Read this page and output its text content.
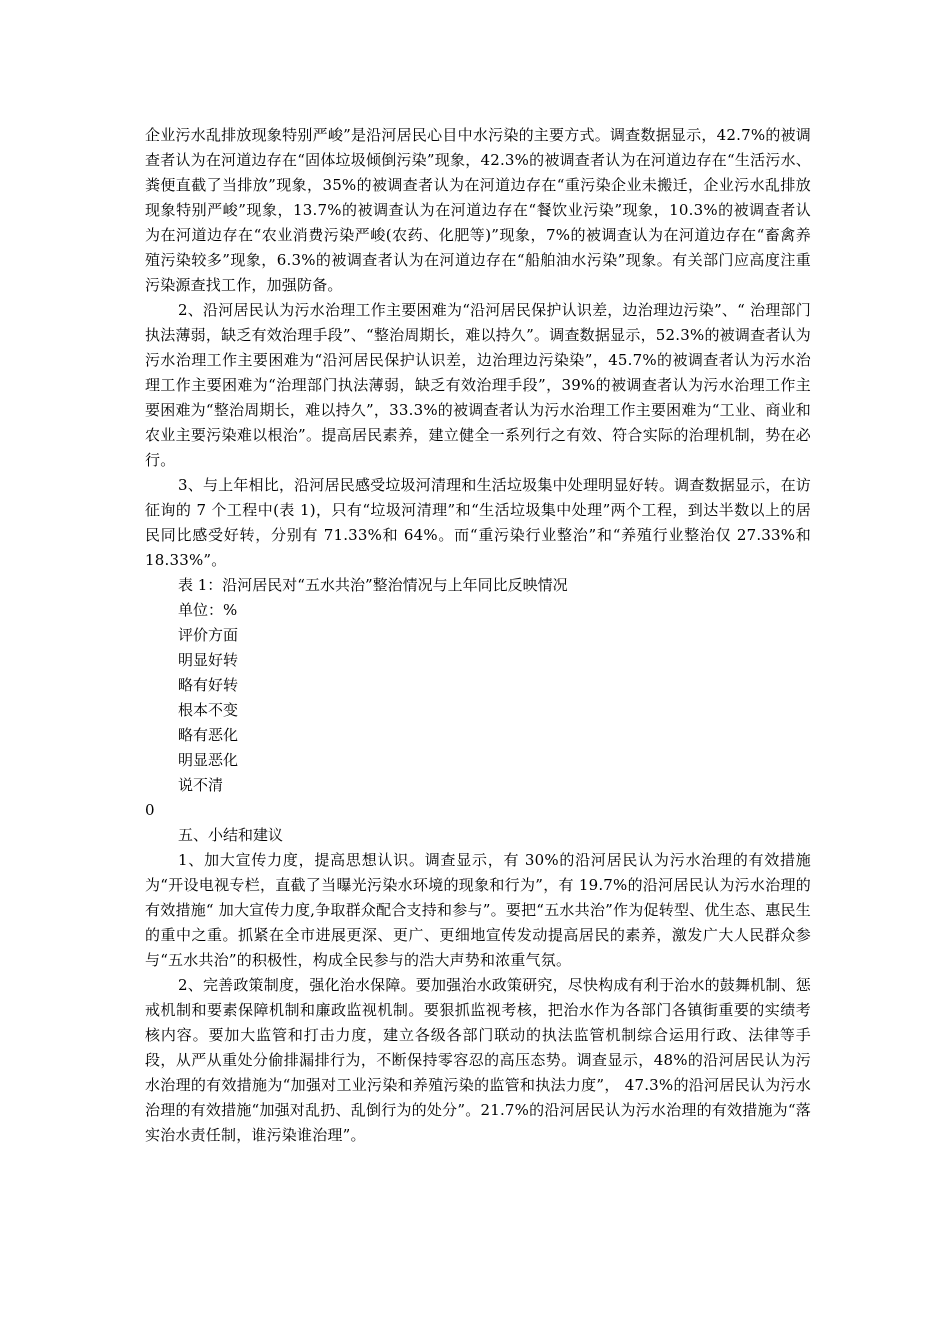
企业污水乱排放现象特别严峻”是沿河居民心目中水污染的主要方式。调查数据显示，42.7%的被调查者认为在河道边存在“固体垃圾倾倒污染”现象，42.3%的被调查者认为在河道边存在“生活污水、粪便直截了当排放”现象，35%的被调查者认为在河道边存在“重污染企业未搬迁，企业污水乱排放现象特别严峻”现象，13.7%的被调查认为在河道边存在“餐饮业污染”现象，10.3%的被调查者认为在河道边存在“农业消费污染严峻(农药、化肥等)”现象，7%的被调查认为在河道边存在“畜禽养殖污染较多”现象，6.3%的被调查者认为在河道边存在“船舶油水污染”现象。有关部门应高度注重污染源查找工作，加强防备。

2、沿河居民认为污水治理工作主要困难为“沿河居民保护认识差，边治理边污染”、“ 治理部门执法薄弱，缺乏有效治理手段”、“整治周期长，难以持久”。调查数据显示，52.3%的被调查者认为污水治理工作主要困难为“沿河居民保护认识差，边治理边污染染”，45.7%的被调查者认为污水治理工作主要困难为“治理部门执法薄弱，缺乏有效治理手段”，39%的被调查者认为污水治理工作主要困难为“整治周期长，难以持久”，33.3%的被调查者认为污水治理工作主要困难为“工业、商业和农业主要污染难以根治”。提高居民素养，建立健全一系列行之有效、符合实际的治理机制，势在必行。

3、与上年相比，沿河居民感受垃圾河清理和生活垃圾集中处理明显好转。调查数据显示，在访征询的 7 个工程中(表 1)，只有“垃圾河清理”和“生活垃圾集中处理”两个工程，到达半数以上的居民同比感受好转，分别有 71.33%和 64%。而“重污染行业整治”和“养殖行业整治仅 27.33%和 18.33%”。

表 1：沿河居民对“五水共治”整治情况与上年同比反映情况

单位：%

评价方面

明显好转

略有好转

根本不变

略有恶化

明显恶化

说不清

0

五、小结和建议

1、加大宣传力度，提高思想认识。调查显示，有 30%的沿河居民认为污水治理的有效措施为“开设电视专栏，直截了当曝光污染水环境的现象和行为”，有 19.7%的沿河居民认为污水治理的有效措施“ 加大宣传力度,争取群众配合支持和参与”。要把“五水共治”作为促转型、优生态、惠民生的重中之重。抓紧在全市进展更深、更广、更细地宣传发动提高居民的素养，激发广大人民群众参与“五水共治”的积极性，构成全民参与的浩大声势和浓重气氛。

2、完善政策制度，强化治水保障。要加强治水政策研究，尽快构成有利于治水的鼓舞机制、惩戒机制和要素保障机制和廉政监视机制。要狠抓监视考核，把治水作为各部门各镇街重要的实绩考核内容。要加大监管和打击力度，建立各级各部门联动的执法监管机制综合运用行政、法律等手段，从严从重处分偷排漏排行为，不断保持零容忍的高压态势。调查显示，48%的沿河居民认为污水治理的有效措施为“加强对工业污染和养殖污染的监管和执法力度”， 47.3%的沿河居民认为污水治理的有效措施“加强对乱扔、乱倒行为的处分”。21.7%的沿河居民认为污水治理的有效措施为“落实治水责任制，谁污染谁治理”。
